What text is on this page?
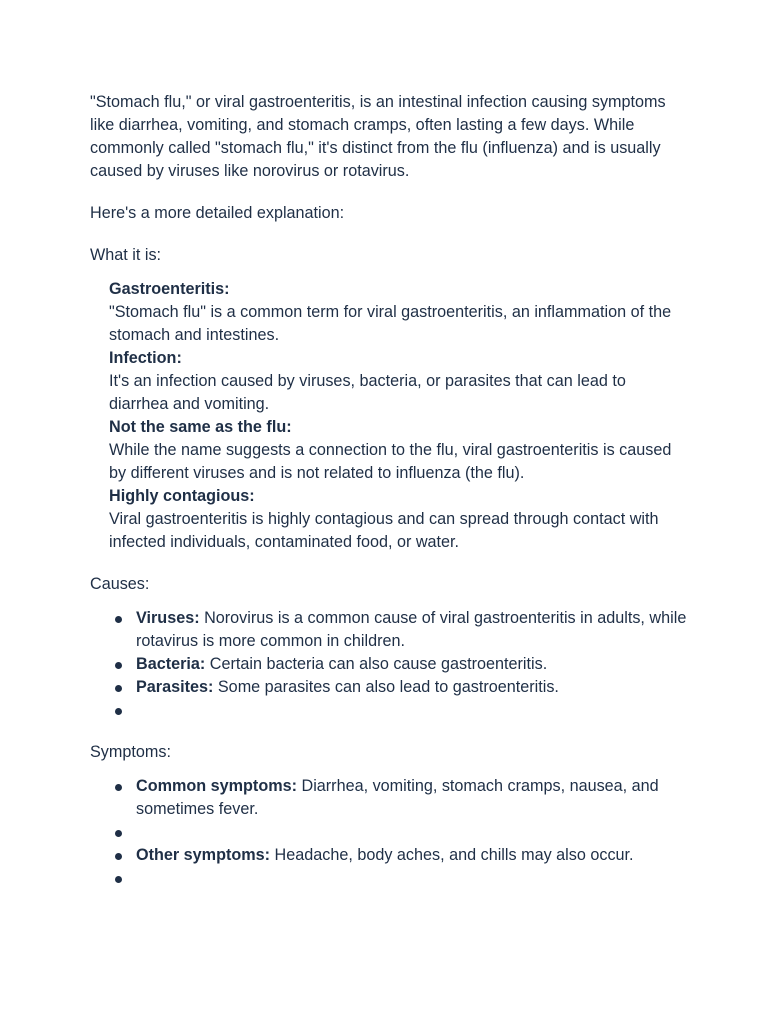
"Stomach flu," or viral gastroenteritis, is an intestinal infection causing symptoms like diarrhea, vomiting, and stomach cramps, often lasting a few days. While commonly called "stomach flu," it's distinct from the flu (influenza) and is usually caused by viruses like norovirus or rotavirus.

Here's a more detailed explanation:

What it is:

Gastroenteritis:
"Stomach flu" is a common term for viral gastroenteritis, an inflammation of the stomach and intestines.
Infection:
It's an infection caused by viruses, bacteria, or parasites that can lead to diarrhea and vomiting.
Not the same as the flu:
While the name suggests a connection to the flu, viral gastroenteritis is caused by different viruses and is not related to influenza (the flu).
Highly contagious:
Viral gastroenteritis is highly contagious and can spread through contact with infected individuals, contaminated food, or water.

Causes:

Viruses: Norovirus is a common cause of viral gastroenteritis in adults, while rotavirus is more common in children.
Bacteria: Certain bacteria can also cause gastroenteritis.
Parasites: Some parasites can also lead to gastroenteritis.

Symptoms:

Common symptoms: Diarrhea, vomiting, stomach cramps, nausea, and sometimes fever.
Other symptoms: Headache, body aches, and chills may also occur.
